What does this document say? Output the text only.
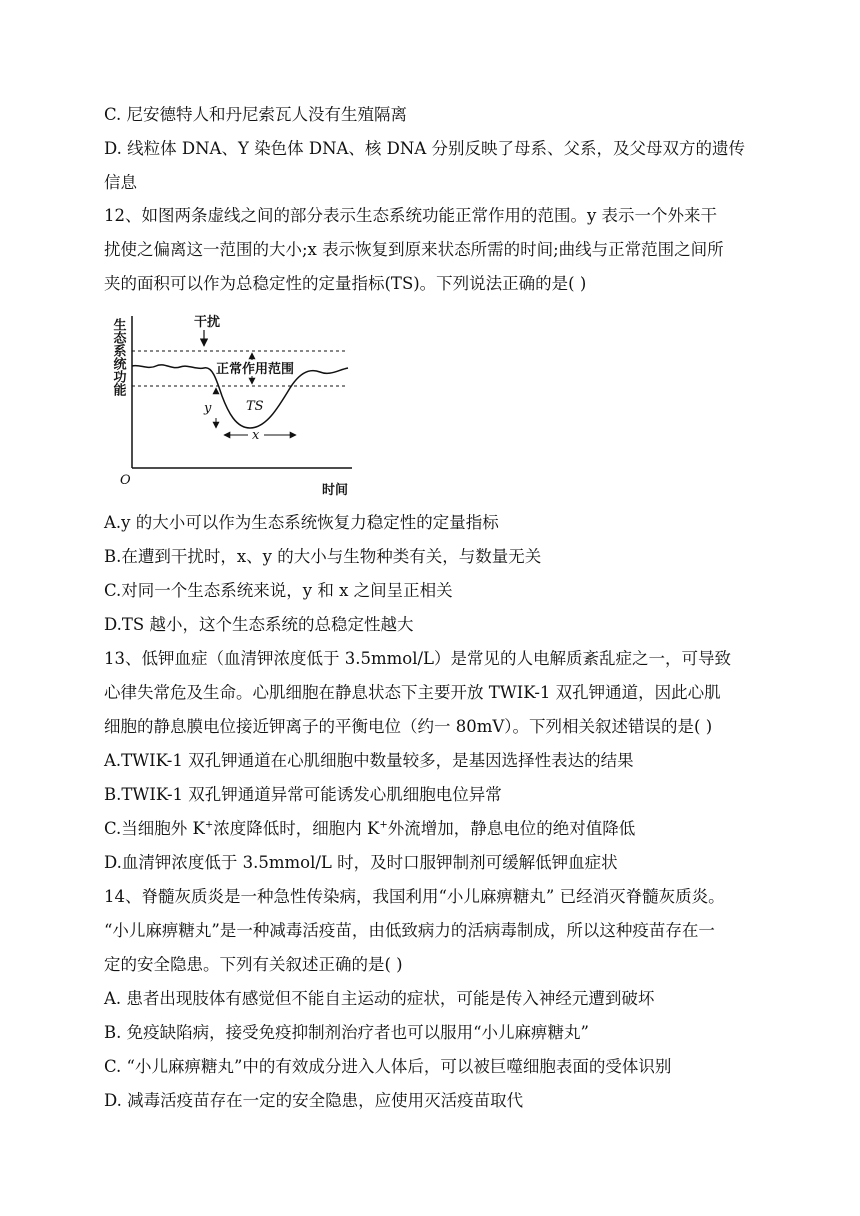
C. 尼安德特人和丹尼索瓦人没有生殖隔离
D. 线粒体 DNA、Y 染色体 DNA、核 DNA 分别反映了母系、父系，及父母双方的遗传
信息
12、如图两条虚线之间的部分表示生态系统功能正常作用的范围。y 表示一个外来干
扰使之偏离这一范围的大小;x 表示恢复到原来状态所需的时间;曲线与正常范围之间所
夹的面积可以作为总稳定性的定量指标(TS)。下列说法正确的是( )
生态系统功能
时间
O
干扰
正常作用范围
y	TS
x
A.y 的大小可以作为生态系统恢复力稳定性的定量指标
B.在遭到干扰时，x、y 的大小与生物种类有关，与数量无关
C.对同一个生态系统来说，y 和 x 之间呈正相关
D.TS 越小，这个生态系统的总稳定性越大
13、低钾血症（血清钾浓度低于 3.5mmol/L）是常见的人电解质紊乱症之一，可导致
心律失常危及生命。心肌细胞在静息状态下主要开放 TWIK-1 双孔钾通道，因此心肌
细胞的静息膜电位接近钾离子的平衡电位（约一 80mV）。下列相关叙述错误的是( )
A.TWIK-1 双孔钾通道在心肌细胞中数量较多，是基因选择性表达的结果
B.TWIK-1 双孔钾通道异常可能诱发心肌细胞电位异常
C.当细胞外 K+浓度降低时，细胞内 K+外流增加，静息电位的绝对值降低
D.血清钾浓度低于 3.5mmol/L 时，及时口服钾制剂可缓解低钾血症状
14、脊髓灰质炎是一种急性传染病，我国利用“小儿麻痹糖丸” 已经消灭脊髓灰质炎。
“小儿麻痹糖丸”是一种减毒活疫苗，由低致病力的活病毒制成，所以这种疫苗存在一
定的安全隐患。下列有关叙述正确的是( )
A. 患者出现肢体有感觉但不能自主运动的症状，可能是传入神经元遭到破坏
B. 免疫缺陷病，接受免疫抑制剂治疗者也可以服用“小儿麻痹糖丸”
C. “小儿麻痹糖丸”中的有效成分进入人体后，可以被巨噬细胞表面的受体识别
D. 减毒活疫苗存在一定的安全隐患，应使用灭活疫苗取代
